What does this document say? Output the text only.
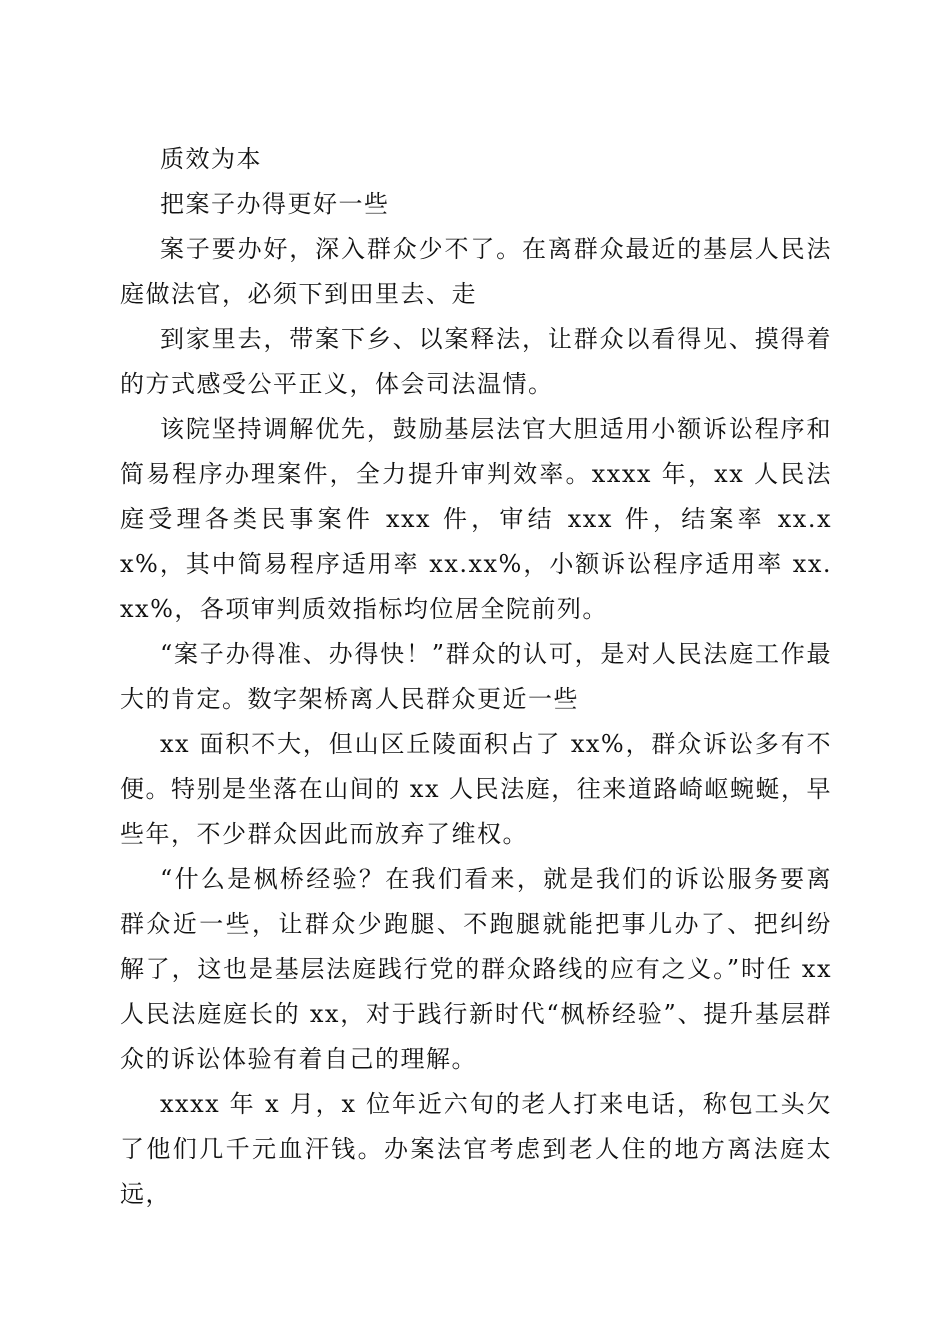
质效为本

把案子办得更好一些

案子要办好，深入群众少不了。在离群众最近的基层人民法庭做法官，必须下到田里去、走

到家里去，带案下乡、以案释法，让群众以看得见、摸得着的方式感受公平正义，体会司法温情。

该院坚持调解优先，鼓励基层法官大胆适用小额诉讼程序和简易程序办理案件，全力提升审判效率。xxxx 年，xx 人民法庭受理各类民事案件 xxx 件，审结 xxx 件，结案率 xx.xx%，其中简易程序适用率 xx.xx%，小额诉讼程序适用率 xx.xx%，各项审判质效指标均位居全院前列。

“案子办得准、办得快！”群众的认可，是对人民法庭工作最大的肯定。数字架桥离人民群众更近一些

xx 面积不大，但山区丘陵面积占了 xx%，群众诉讼多有不便。特别是坐落在山间的 xx 人民法庭，往来道路崎岖蜿蜒，早些年，不少群众因此而放弃了维权。

“什么是枫桥经验？在我们看来，就是我们的诉讼服务要离群众近一些，让群众少跑腿、不跑腿就能把事儿办了、把纠纷解了，这也是基层法庭践行党的群众路线的应有之义。”时任 xx 人民法庭庭长的 xx，对于践行新时代“枫桥经验”、提升基层群众的诉讼体验有着自己的理解。

xxxx 年 x 月，x 位年近六旬的老人打来电话，称包工头欠了他们几千元血汗钱。办案法官考虑到老人住的地方离法庭太远，
